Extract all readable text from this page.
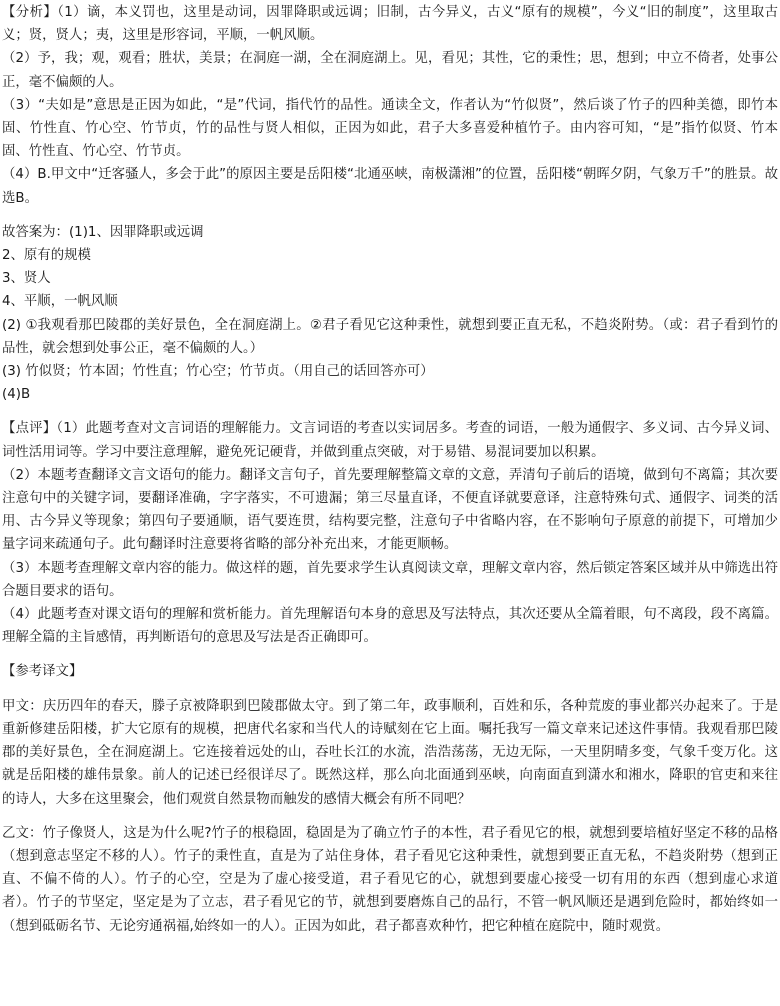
【分析】（1）谪，本义罚也，这里是动词，因罪降职或远调；旧制，古今异义，古义“原有的规模”，今义“旧的制度”，这里取古义；贤，贤人；夷，这里是形容词，平顺，一帆风顺。

（2）予，我；观，观看；胜状，美景；在洞庭一湖，全在洞庭湖上。见，看见；其性，它的秉性；思，想到；中立不倚者，处事公正，毫不偏颇的人。

（3）“夫如是”意思是正因为如此，“是”代词，指代竹的品性。通读全文，作者认为“竹似贤”，然后谈了竹子的四种美德，即竹本固、竹性直、竹心空、竹节贞，竹的品性与贤人相似，正因为如此，君子大多喜爱种植竹子。由内容可知，“是”指竹似贤、竹本固、竹性直、竹心空、竹节贞。

（4）B.甲文中“迁客骚人，多会于此”的原因主要是岳阳楼“北通巫峡，南极潇湘”的位置，岳阳楼“朝晖夕阴，气象万千”的胜景。故选B。

故答案为：(1)1、因罪降职或远调

2、原有的规模

3、贤人

4、平顺，一帆风顺

(2) ①我观看那巴陵郡的美好景色，全在洞庭湖上。②君子看见它这种秉性，就想到要正直无私，不趋炎附势。（或：君子看到竹的品性，就会想到处事公正，毫不偏颇的人。）

(3) 竹似贤；竹本固；竹性直；竹心空；竹节贞。（用自己的话回答亦可）

(4)B

【点评】（1）此题考查对文言词语的理解能力。文言词语的考查以实词居多。考查的词语，一般为通假字、多义词、古今异义词、词性活用词等。学习中要注意理解，避免死记硬背，并做到重点突破，对于易错、易混词要加以积累。

（2）本题考查翻译文言文语句的能力。翻译文言句子，首先要理解整篇文章的文意，弄清句子前后的语境，做到句不离篇；其次要注意句中的关键字词，要翻译准确，字字落实，不可遗漏；第三尽量直译，不便直译就要意译，注意特殊句式、通假字、词类的活用、古今异义等现象；第四句子要通顺，语气要连贯，结构要完整，注意句子中省略内容，在不影响句子原意的前提下，可增加少量字词来疏通句子。此句翻译时注意要将省略的部分补充出来，才能更顺畅。

（3）本题考查理解文章内容的能力。做这样的题，首先要求学生认真阅读文章，理解文章内容，然后锁定答案区域并从中筛选出符合题目要求的语句。

（4）此题考查对课文语句的理解和赏析能力。首先理解语句本身的意思及写法特点，其次还要从全篇着眼，句不离段，段不离篇。理解全篇的主旨感情，再判断语句的意思及写法是否正确即可。

【参考译文】

甲文：庆历四年的春天，滕子京被降职到巴陵郡做太守。到了第二年，政事顺利，百姓和乐，各种荒废的事业都兴办起来了。于是重新修建岳阳楼，扩大它原有的规模，把唐代名家和当代人的诗赋刻在它上面。嘱托我写一篇文章来记述这件事情。我观看那巴陵郡的美好景色，全在洞庭湖上。它连接着远处的山，吞吐长江的水流，浩浩荡荡，无边无际，一天里阴晴多变，气象千变万化。这就是岳阳楼的雄伟景象。前人的记述已经很详尽了。既然这样，那么向北面通到巫峡，向南面直到潇水和湘水，降职的官吏和来往的诗人，大多在这里聚会，他们观赏自然景物而触发的感情大概会有所不同吧？

乙文：竹子像贤人，这是为什么呢?竹子的根稳固，稳固是为了确立竹子的本性，君子看见它的根，就想到要培植好坚定不移的品格（想到意志坚定不移的人）。竹子的秉性直，直是为了站住身体，君子看见它这种秉性，就想到要正直无私，不趋炎附势（想到正直、不偏不倚的人）。竹子的心空，空是为了虚心接受道，君子看见它的心，就想到要虚心接受一切有用的东西（想到虚心求道者）。竹子的节坚定，坚定是为了立志，君子看见它的节，就想到要磨炼自己的品行，不管一帆风顺还是遇到危险时，都始终如一（想到砥砺名节、无论穷通祸福,始终如一的人）。正因为如此，君子都喜欢种竹，把它种植在庭院中，随时观赏。
